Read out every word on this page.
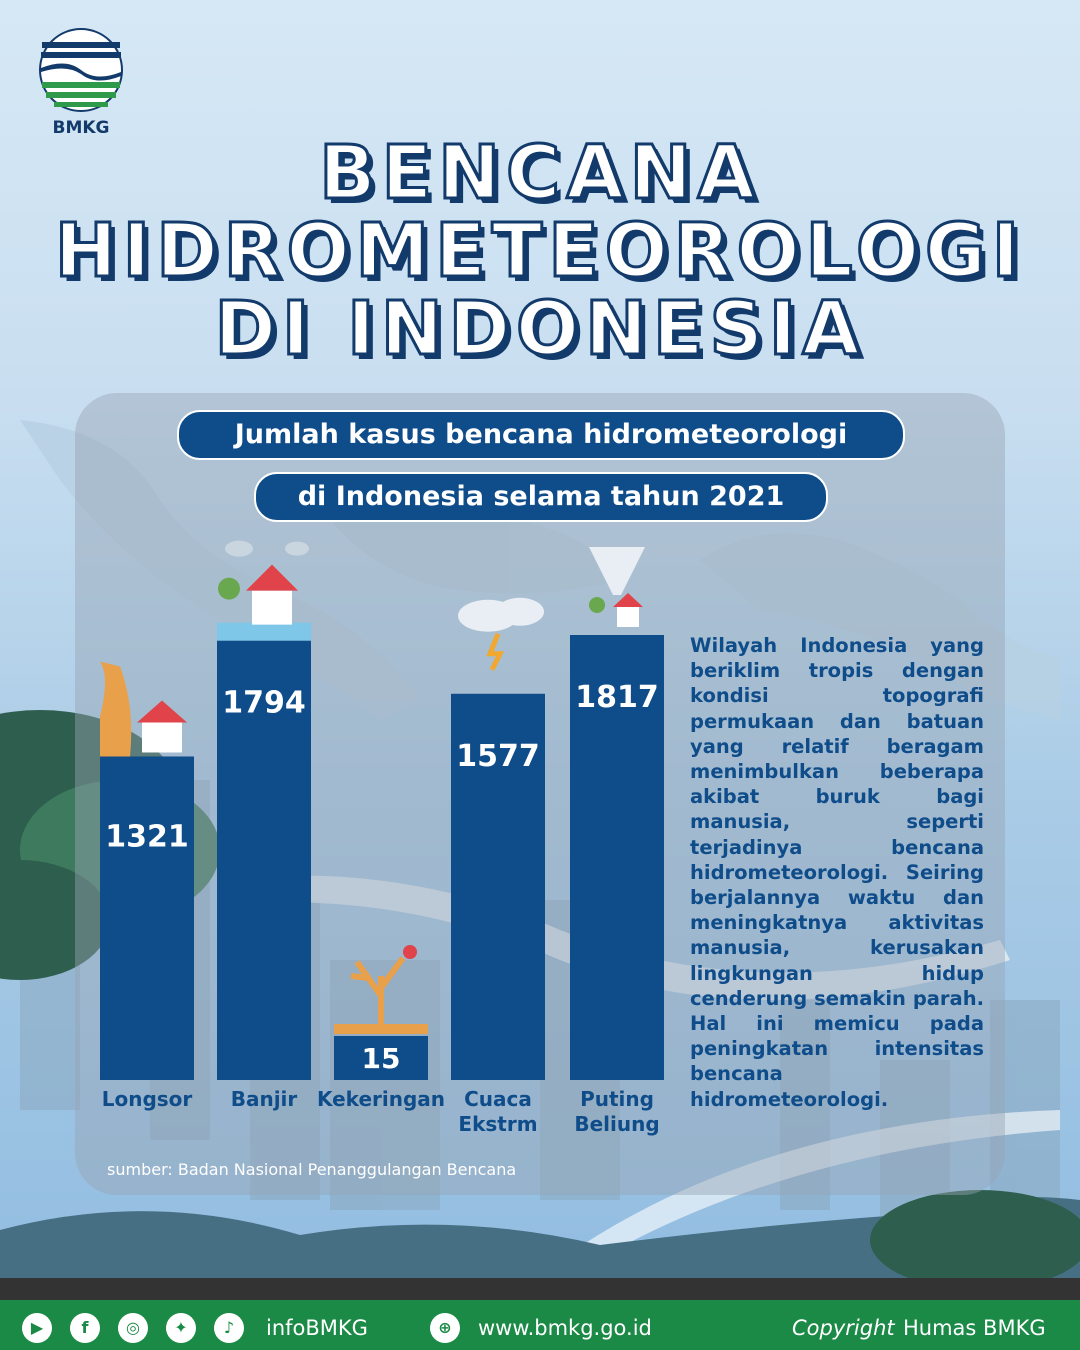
BMKG
BENCANA
HIDROMETEOROLOGI
DI INDONESIA
Jumlah kasus bencana hidrometeorologi
di Indonesia selama tahun 2021
1321
Longsor
1794
Banjir
15
Kekeringan
1577
Cuaca
Ekstrm
1817
Puting
Beliung
Wilayah Indonesia yang beriklim tropis dengan kondisi topografi permukaan dan batuan yang relatif beragam menimbulkan beberapa akibat buruk bagi manusia, seperti terjadinya bencana hidrometeorologi. Seiring berjalannya waktu dan meningkatnya aktivitas manusia, kerusakan lingkungan hidup cenderung semakin parah. Hal ini memicu pada peningkatan intensitas bencana hidrometeorologi.
sumber: Badan Nasional Penanggulangan Bencana
▶	f	◎	✦	♪	infoBMKG	⊕	www.bmkg.go.id	Copyright Humas BMKG
